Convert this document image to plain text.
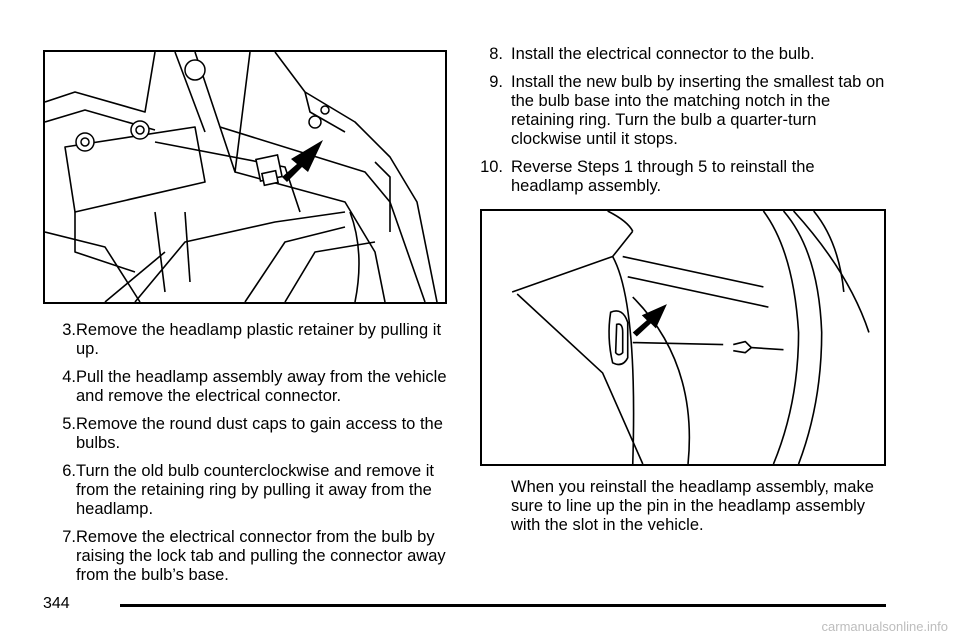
3. Remove the headlamp plastic retainer by pulling it up.
4. Pull the headlamp assembly away from the vehicle and remove the electrical connector.
5. Remove the round dust caps to gain access to the bulbs.
6. Turn the old bulb counterclockwise and remove it from the retaining ring by pulling it away from the headlamp.
7. Remove the electrical connector from the bulb by raising the lock tab and pulling the connector away from the bulb’s base.
8. Install the electrical connector to the bulb.
9. Install the new bulb by inserting the smallest tab on the bulb base into the matching notch in the retaining ring. Turn the bulb a quarter-turn clockwise until it stops.
10. Reverse Steps 1 through 5 to reinstall the headlamp assembly.

When you reinstall the headlamp assembly, make sure to line up the pin in the headlamp assembly with the slot in the vehicle.

344
carmanualsonline.info
